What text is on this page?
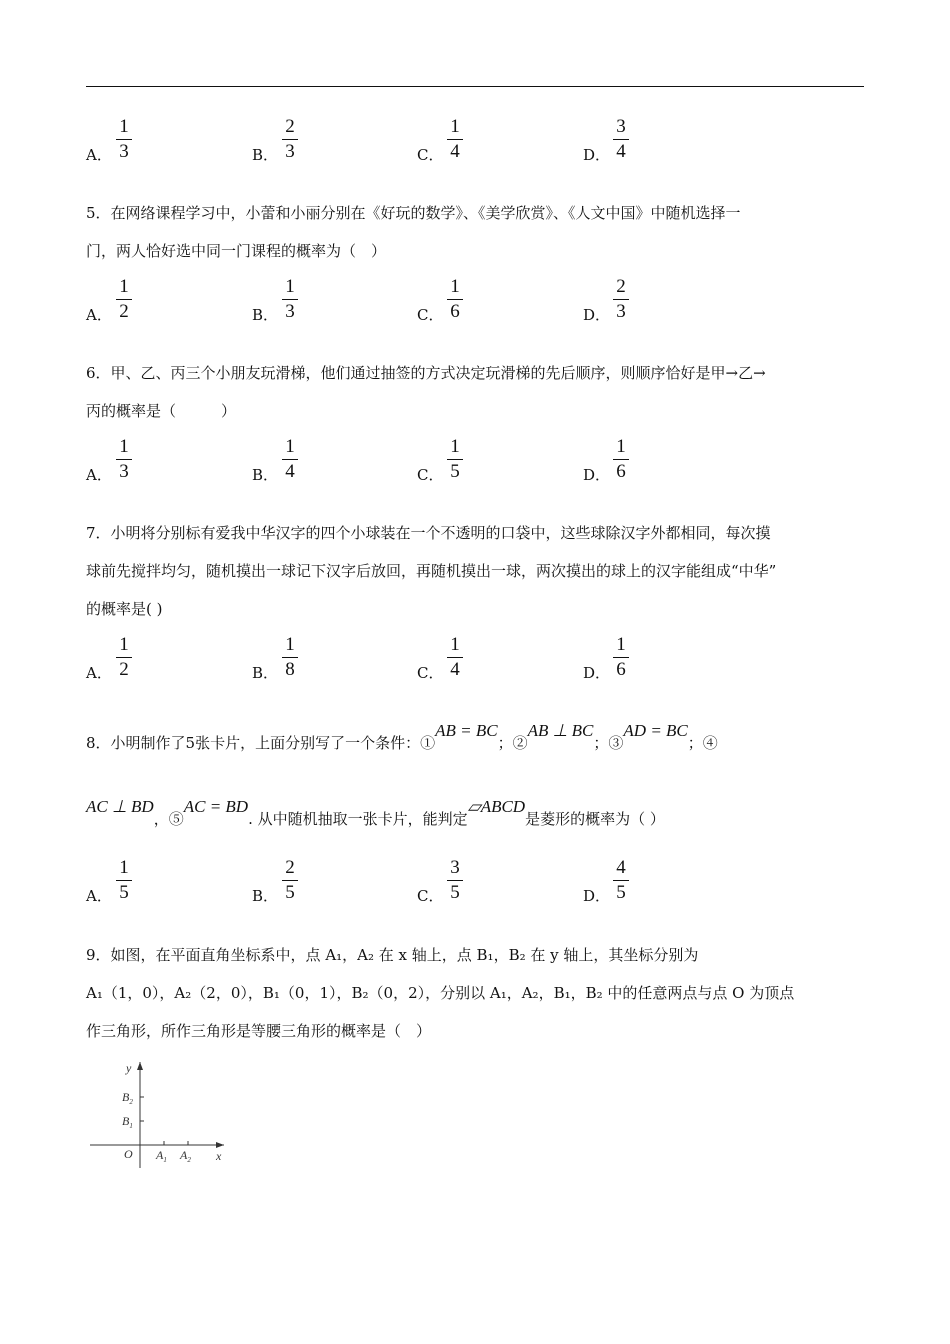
A．
1
3	B．
2
3	C．
1
4	D．
3
4

5．在网络课程学习中，小蕾和小丽分别在《好玩的数学》、《美学欣赏》、《人文中国》中随机选择一

门，两人恰好选中同一门课程的概率为（　）

A．
1
2	B．
1
3	C．
1
6	D．
2
3

6．甲、乙、丙三个小朋友玩滑梯，他们通过抽签的方式决定玩滑梯的先后顺序，则顺序恰好是甲→乙→

丙的概率是（　　　）

A．
1
3	B．
1
4	C．
1
5	D．
1
6

7．小明将分别标有爱我中华汉字的四个小球装在一个不透明的口袋中，这些球除汉字外都相同，每次摸

球前先搅拌均匀，随机摸出一球记下汉字后放回，再随机摸出一球，两次摸出的球上的汉字能组成“中华”

的概率是( )

A．
1
2	B．
1
8	C．
1
4	D．
1
6

8．小明制作了5张卡片，上面分别写了一个条件：①AB = BC；②AB ⊥ BC；③AD = BC；④

AC ⊥ BD，⑤AC = BD. 从中随机抽取一张卡片，能判定▱ABCD是菱形的概率为（ ）

A．
1
5	B．
2
5	C．
3
5	D．
4
5

9．如图，在平面直角坐标系中，点 A₁，A₂ 在 x 轴上，点 B₁，B₂ 在 y 轴上，其坐标分别为

A₁（1，0），A₂（2，0），B₁（0，1），B₂（0，2），分别以 A₁，A₂，B₁，B₂ 中的任意两点与点 O 为顶点

作三角形，所作三角形是等腰三角形的概率是（　）

y
x
O
$B_2$
$B_1$
$A_1$ $A_2$
